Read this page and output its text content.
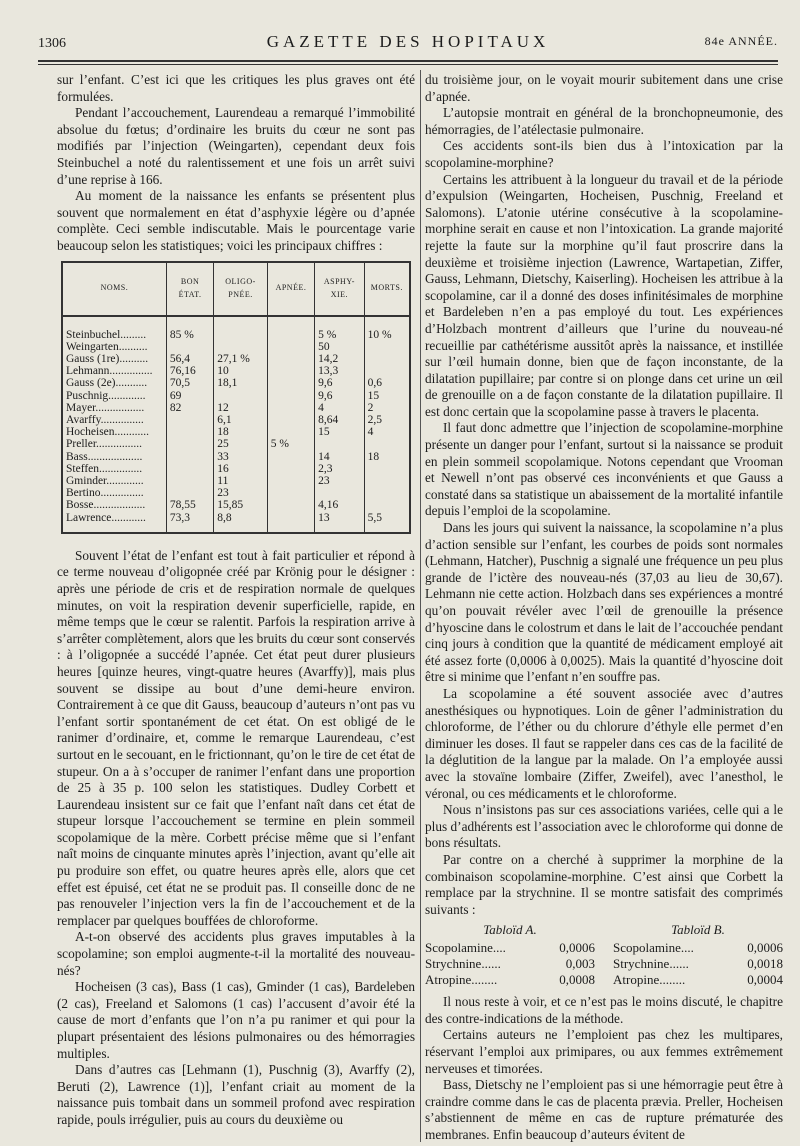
1306	GAZETTE DES HOPITAUX	84e ANNÉE.

sur l’enfant. C’est ici que les critiques les plus graves ont été formulées.

Pendant l’accouchement, Laurendeau a remarqué l’immobilité absolue du fœtus; d’ordinaire les bruits du cœur ne sont pas modifiés par l’injection (Weingarten), cependant deux fois Steinbuchel a noté du ralentissement et une fois un arrêt suivi d’une reprise à 166.

Au moment de la naissance les enfants se présentent plus souvent que normalement en état d’asphyxie légère ou d’apnée complète. Ceci semble indiscutable. Mais le pourcentage varie beaucoup selon les statistiques; voici les principaux chiffres :

NOMS.	BON ÉTAT.	OLIGO-PNÉE.	APNÉE.	ASPHY-XIE.	MORTS.

Steinbuchel.........	85 %			5 %	10 %
Weingarten..........				50	
Gauss (1re)..........	56,4	27,1 %		14,2	
Lehmann...............	76,16	10		13,3	
Gauss (2e)...........	70,5	18,1		9,6	0,6
Puschnig.............	69			9,6	15
Mayer.................	82	12		4	2
Avarffy...............		6,1		8,64	2,5
Hocheisen............		18		15	4
Preller................		25	5 %		
Bass...................		33		14	18
Steffen...............		16		2,3	
Gminder.............		11		23	
Bertino...............		23			
Bosse..................	78,55	15,85		4,16	
Lawrence............	73,3	8,8		13	5,5

Souvent l’état de l’enfant est tout à fait particulier et répond à ce terme nouveau d’oligopnée créé par Krönig pour le désigner : après une période de cris et de respiration normale de quelques minutes, on voit la respiration devenir superficielle, rapide, en même temps que le cœur se ralentit. Parfois la respiration arrive à s’arrêter complètement, alors que les bruits du cœur sont conservés : à l’oligopnée a succédé l’apnée. Cet état peut durer plusieurs heures [quinze heures, vingt-quatre heures (Avarffy)], mais plus souvent se dissipe au bout d’une demi-heure environ. Contrairement à ce que dit Gauss, beaucoup d’auteurs n’ont pas vu l’enfant sortir spontanément de cet état. On est obligé de le ranimer d’ordinaire, et, comme le remarque Laurendeau, c’est surtout en le secouant, en le frictionnant, qu’on le tire de cet état de stupeur. On a à s’occuper de ranimer l’enfant dans une proportion de 25 à 35 p. 100 selon les statistiques. Dudley Corbett et Laurendeau insistent sur ce fait que l’enfant naît dans cet état de stupeur lorsque l’accouchement se termine en plein sommeil scopolamique de la mère. Corbett précise même que si l’enfant naît moins de cinquante minutes après l’injection, avant qu’elle ait pu produire son effet, ou quatre heures après elle, alors que cet effet est épuisé, cet état ne se produit pas. Il conseille donc de ne pas renouveler l’injection vers la fin de l’accouchement et de la remplacer par quelques bouffées de chloroforme.

A-t-on observé des accidents plus graves imputables à la scopolamine; son emploi augmente-t-il la mortalité des nouveau-nés?

Hocheisen (3 cas), Bass (1 cas), Gminder (1 cas), Bardeleben (2 cas), Freeland et Salomons (1 cas) l’accusent d’avoir été la cause de mort d’enfants que l’on n’a pu ranimer et qui pour la plupart présentaient des lésions pulmonaires ou des hémorragies multiples.

Dans d’autres cas [Lehmann (1), Puschnig (3), Avarffy (2), Beruti (2), Lawrence (1)], l’enfant criait au moment de la naissance puis tombait dans un sommeil profond avec respiration rapide, pouls irrégulier, puis au cours du deuxième ou

du troisième jour, on le voyait mourir subitement dans une crise d’apnée.

L’autopsie montrait en général de la bronchopneumonie, des hémorragies, de l’atélectasie pulmonaire.

Ces accidents sont-ils bien dus à l’intoxication par la scopolamine-morphine?

Certains les attribuent à la longueur du travail et de la période d’expulsion (Weingarten, Hocheisen, Puschnig, Freeland et Salomons). L’atonie utérine consécutive à la scopolamine-morphine serait en cause et non l’intoxication. La grande majorité rejette la faute sur la morphine qu’il faut proscrire dans la deuxième et troisième injection (Lawrence, Wartapetian, Ziffer, Gauss, Lehmann, Dietschy, Kaiserling). Hocheisen les attribue à la scopolamine, car il a donné des doses infinitésimales de morphine et Bardeleben n’en a pas employé du tout. Les expériences d’Holzbach montrent d’ailleurs que l’urine du nouveau-né recueillie par cathétérisme aussitôt après la naissance, et instillée sur l’œil humain donne, bien que de façon inconstante, de la dilatation pupillaire; par contre si on plonge dans cet urine un œil de grenouille on a de façon constante de la dilatation pupillaire. Il est donc certain que la scopolamine passe à travers le placenta.

Il faut donc admettre que l’injection de scopolamine-morphine présente un danger pour l’enfant, surtout si la naissance se produit en plein sommeil scopolamique. Notons cependant que Vrooman et Newell n’ont pas observé ces inconvénients et que Gauss a constaté dans sa statistique un abaissement de la mortalité infantile depuis l’emploi de la scopolamine.

Dans les jours qui suivent la naissance, la scopolamine n’a plus d’action sensible sur l’enfant, les courbes de poids sont normales (Lehmann, Hatcher), Puschnig a signalé une fréquence un peu plus grande de l’ictère des nouveau-nés (37,03 au lieu de 30,67). Lehmann nie cette action. Holzbach dans ses expériences a montré qu’on pouvait révéler avec l’œil de grenouille la présence d’hyoscine dans le colostrum et dans le lait de l’accouchée pendant cinq jours à condition que la quantité de médicament employé ait été assez forte (0,0006 à 0,0025). Mais la quantité d’hyoscine doit être si minime que l’enfant n’en souffre pas.

La scopolamine a été souvent associée avec d’autres anesthésiques ou hypnotiques. Loin de gêner l’administration du chloroforme, de l’éther ou du chlorure d’éthyle elle permet d’en diminuer les doses. Il faut se rappeler dans ces cas de la facilité de la déglutition de la langue par la malade. On l’a employée aussi avec la stovaïne lombaire (Ziffer, Zweifel), avec l’anesthol, le véronal, ou ces médicaments et le chloroforme.

Nous n’insistons pas sur ces associations variées, celle qui a le plus d’adhérents est l’association avec le chloroforme qui donne de bons résultats.

Par contre on a cherché à supprimer la morphine de la combinaison scopolamine-morphine. C’est ainsi que Corbett la remplace par la strychnine. Il se montre satisfait des comprimés suivants :

Tabloïd A.
Scopolamine....	0,0006
Strychnine......	0,003
Atropine........	0,0008
Tabloïd B.
Scopolamine....	0,0006
Strychnine......	0,0018
Atropine........	0,0004

Il nous reste à voir, et ce n’est pas le moins discuté, le chapitre des contre-indications de la méthode.

Certains auteurs ne l’emploient pas chez les multipares, réservant l’emploi aux primipares, ou aux femmes extrêmement nerveuses et timorées.

Bass, Dietschy ne l’emploient pas si une hémorragie peut être à craindre comme dans le cas de placenta prævia. Preller, Hocheisen s’abstiennent de même en cas de rupture prématurée des membranes. Enfin beaucoup d’auteurs évitent de
